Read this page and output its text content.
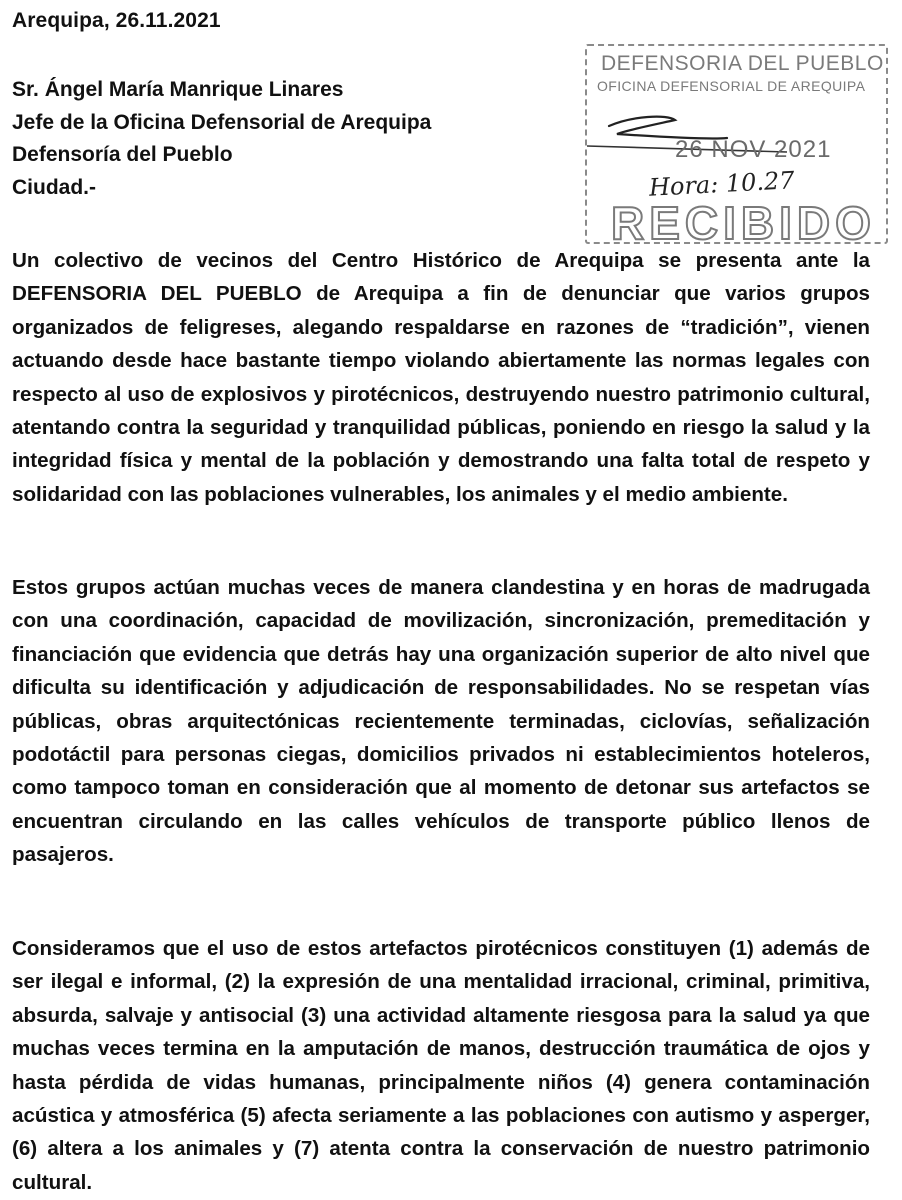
Arequipa, 26.11.2021
Sr. Ángel María Manrique Linares
Jefe de la Oficina Defensorial de Arequipa
Defensoría del Pueblo
Ciudad.-
DEFENSORIA DEL PUEBLO
OFICINA DEFENSORIAL DE AREQUIPA
26 NOV 2021
Hora: 10.27
RECIBIDO

Un colectivo de vecinos del Centro Histórico de Arequipa se presenta ante la DEFENSORIA DEL PUEBLO de Arequipa a fin de denunciar que varios grupos organizados de feligreses, alegando respaldarse en razones de “tradición”, vienen actuando desde hace bastante tiempo violando abiertamente las normas legales con respecto al uso de explosivos y pirotécnicos, destruyendo nuestro patrimonio cultural, atentando contra la seguridad y tranquilidad públicas, poniendo en riesgo la salud y la integridad física y mental de la población y demostrando una falta total de respeto y solidaridad con las poblaciones vulnerables, los animales y el medio ambiente.

Estos grupos actúan muchas veces de manera clandestina y en horas de madrugada con una coordinación, capacidad de movilización, sincronización, premeditación y financiación que evidencia que detrás hay una organización superior de alto nivel que dificulta su identificación y adjudicación de responsabilidades. No se respetan vías públicas, obras arquitectónicas recientemente terminadas, ciclovías, señalización podotáctil para personas ciegas, domicilios privados ni establecimientos hoteleros, como tampoco toman en consideración que al momento de detonar sus artefactos se encuentran circulando en las calles vehículos de transporte público llenos de pasajeros.

Consideramos que el uso de estos artefactos pirotécnicos constituyen (1) además de ser ilegal e informal, (2) la expresión de una mentalidad irracional, criminal, primitiva, absurda, salvaje y antisocial (3) una actividad altamente riesgosa para la salud ya que muchas veces termina en la amputación de manos, destrucción traumática de ojos y hasta pérdida de vidas humanas, principalmente niños (4) genera contaminación acústica y atmosférica (5) afecta seriamente a las poblaciones con autismo y asperger, (6) altera a los animales y (7) atenta contra la conservación de nuestro patrimonio cultural.
